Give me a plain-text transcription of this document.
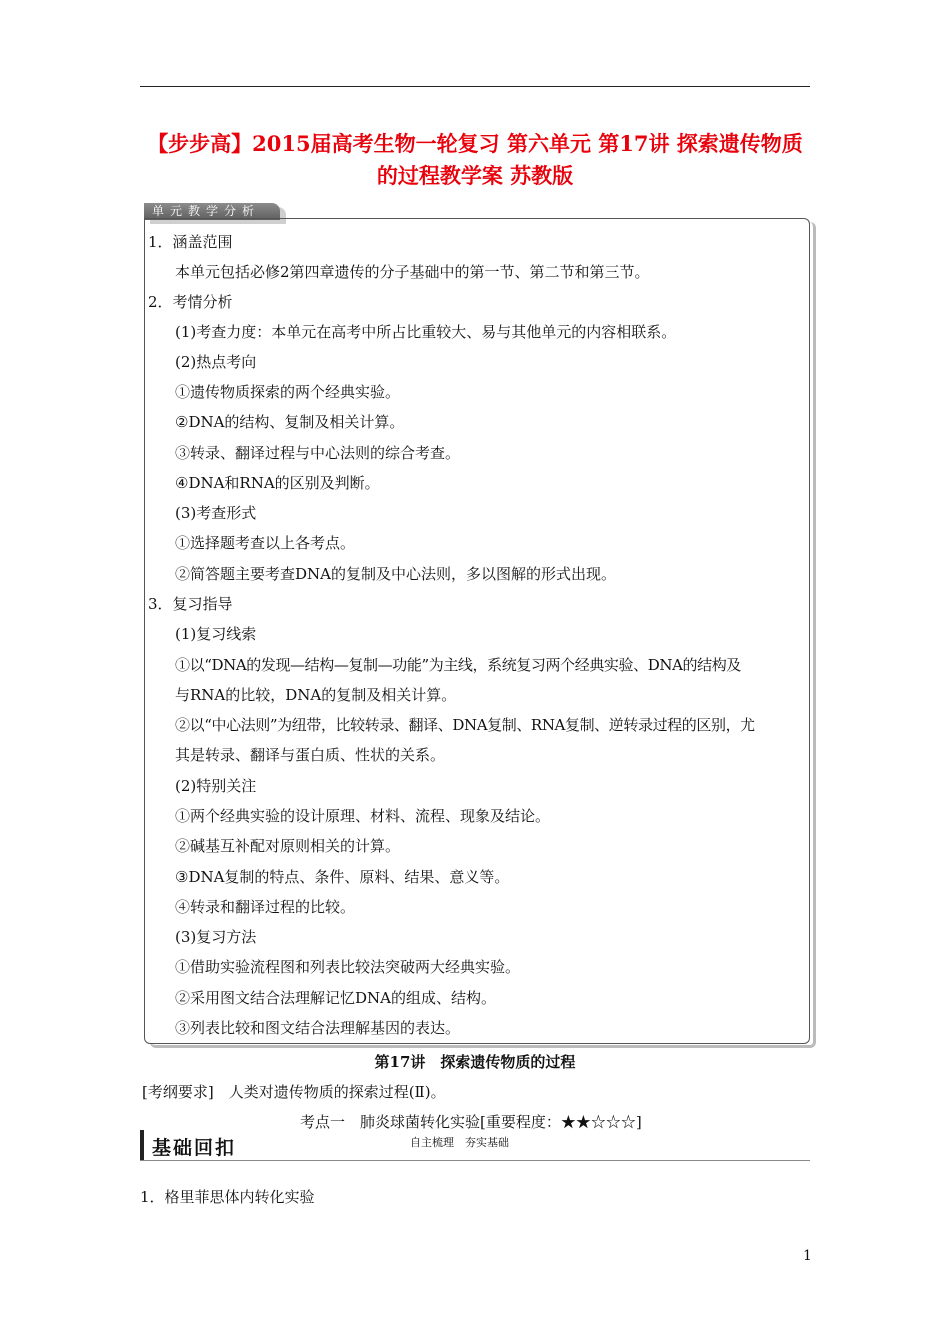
【步步高】2015届高考生物一轮复习 第六单元 第17讲 探索遗传物质的过程教学案 苏教版
单元教学分析
1．涵盖范围
本单元包括必修2第四章遗传的分子基础中的第一节、第二节和第三节。
2．考情分析
(1)考查力度：本单元在高考中所占比重较大、易与其他单元的内容相联系。
(2)热点考向
①遗传物质探索的两个经典实验。
②DNA的结构、复制及相关计算。
③转录、翻译过程与中心法则的综合考查。
④DNA和RNA的区别及判断。
(3)考查形式
①选择题考查以上各考点。
②简答题主要考查DNA的复制及中心法则，多以图解的形式出现。
3．复习指导
(1)复习线索
①以“DNA的发现—结构—复制—功能”为主线，系统复习两个经典实验、DNA的结构及
与RNA的比较，DNA的复制及相关计算。
②以“中心法则”为纽带，比较转录、翻译、DNA复制、RNA复制、逆转录过程的区别，尤
其是转录、翻译与蛋白质、性状的关系。
(2)特别关注
①两个经典实验的设计原理、材料、流程、现象及结论。
②碱基互补配对原则相关的计算。
③DNA复制的特点、条件、原料、结果、意义等。
④转录和翻译过程的比较。
(3)复习方法
①借助实验流程图和列表比较法突破两大经典实验。
②采用图文结合法理解记忆DNA的组成、结构。
③列表比较和图文结合法理解基因的表达。
第17讲　探索遗传物质的过程
[考纲要求]　人类对遗传物质的探索过程(Ⅱ)。
考点一　肺炎球菌转化实验[重要程度：★★☆☆☆]
基础回扣	自主梳理　夯实基础
1．格里菲思体内转化实验
1
